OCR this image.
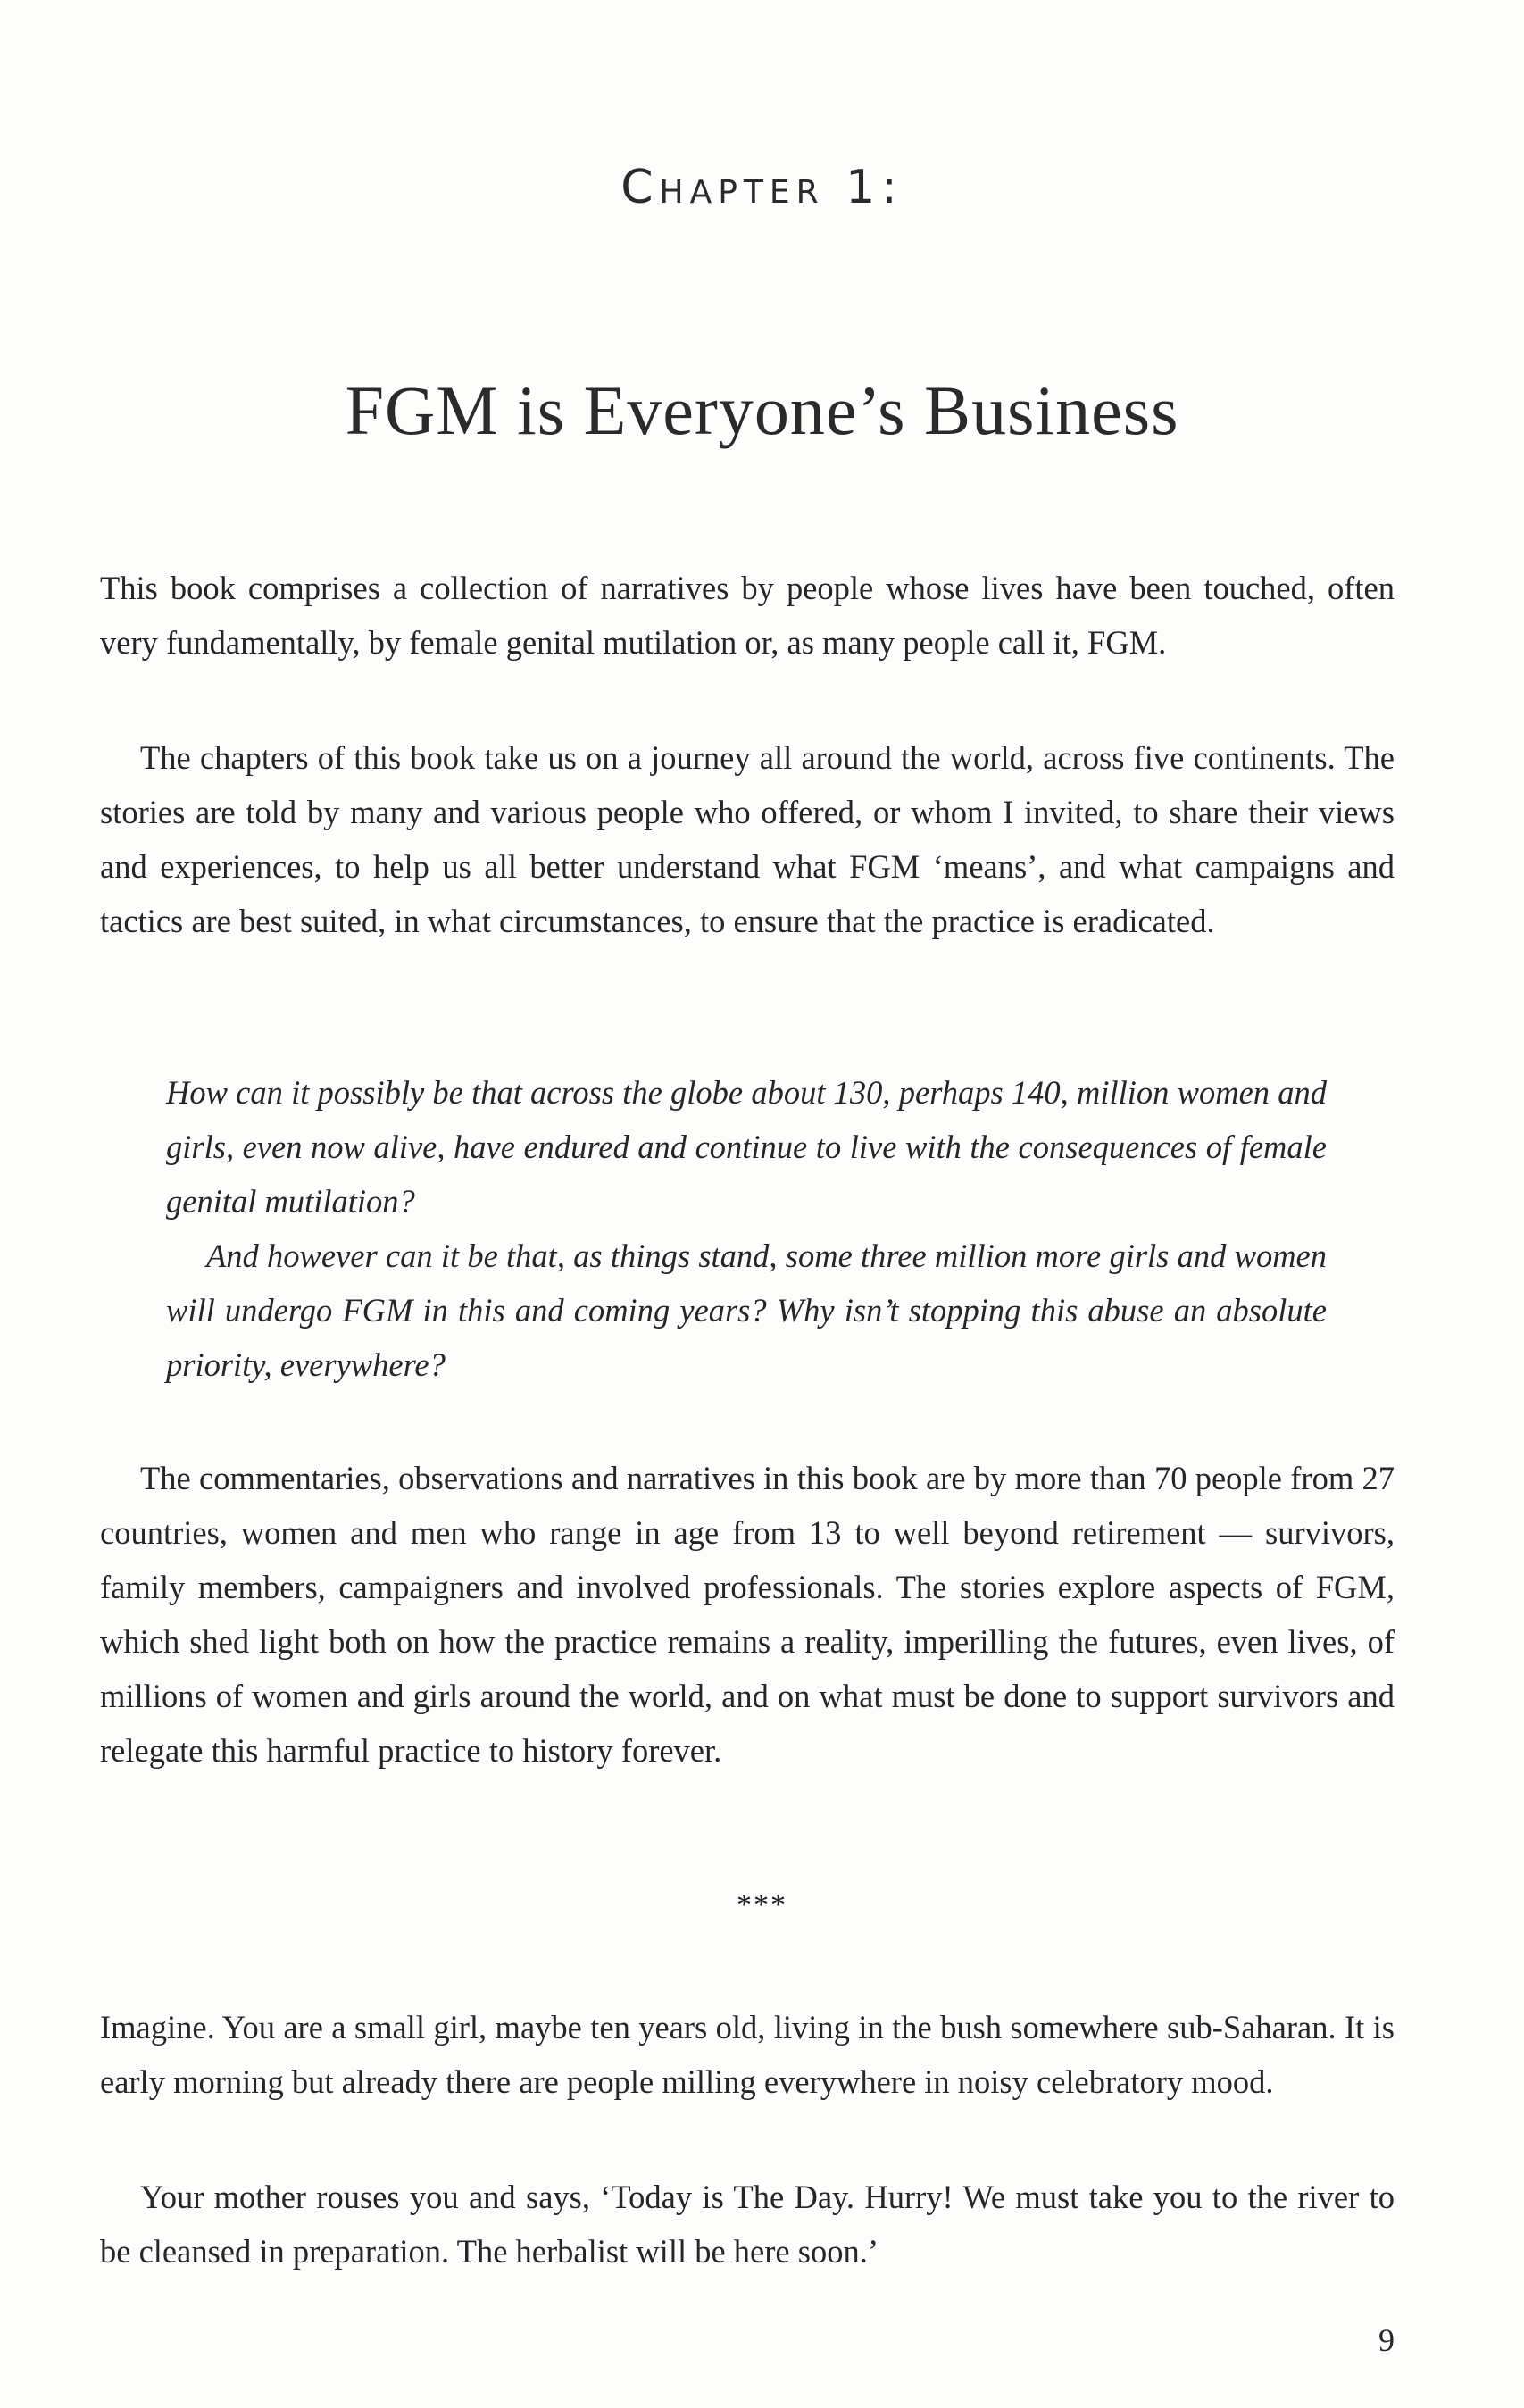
Chapter 1:
FGM is Everyone’s Business

This book comprises a collection of narratives by people whose lives have been touched, often very fundamentally, by female genital mutilation or, as many people call it, FGM.

The chapters of this book take us on a journey all around the world, across five continents. The stories are told by many and various people who offered, or whom I invited, to share their views and experiences, to help us all better understand what FGM ‘means’, and what campaigns and tactics are best suited, in what circumstances, to ensure that the practice is eradicated.

How can it possibly be that across the globe about 130, perhaps 140, million women and girls, even now alive, have endured and continue to live with the consequences of female genital mutilation?

And however can it be that, as things stand, some three million more girls and women will undergo FGM in this and coming years? Why isn’t stopping this abuse an absolute priority, everywhere?

The commentaries, observations and narratives in this book are by more than 70 people from 27 countries, women and men who range in age from 13 to well beyond retirement — survivors, family members, campaigners and involved professionals. The stories explore aspects of FGM, which shed light both on how the practice remains a reality, imperilling the futures, even lives, of millions of women and girls around the world, and on what must be done to support survivors and relegate this harmful practice to history forever.

***

Imagine. You are a small girl, maybe ten years old, living in the bush somewhere sub-Saharan. It is early morning but already there are people milling everywhere in noisy celebratory mood.

Your mother rouses you and says, ‘Today is The Day. Hurry! We must take you to the river to be cleansed in preparation. The herbalist will be here soon.’

9
